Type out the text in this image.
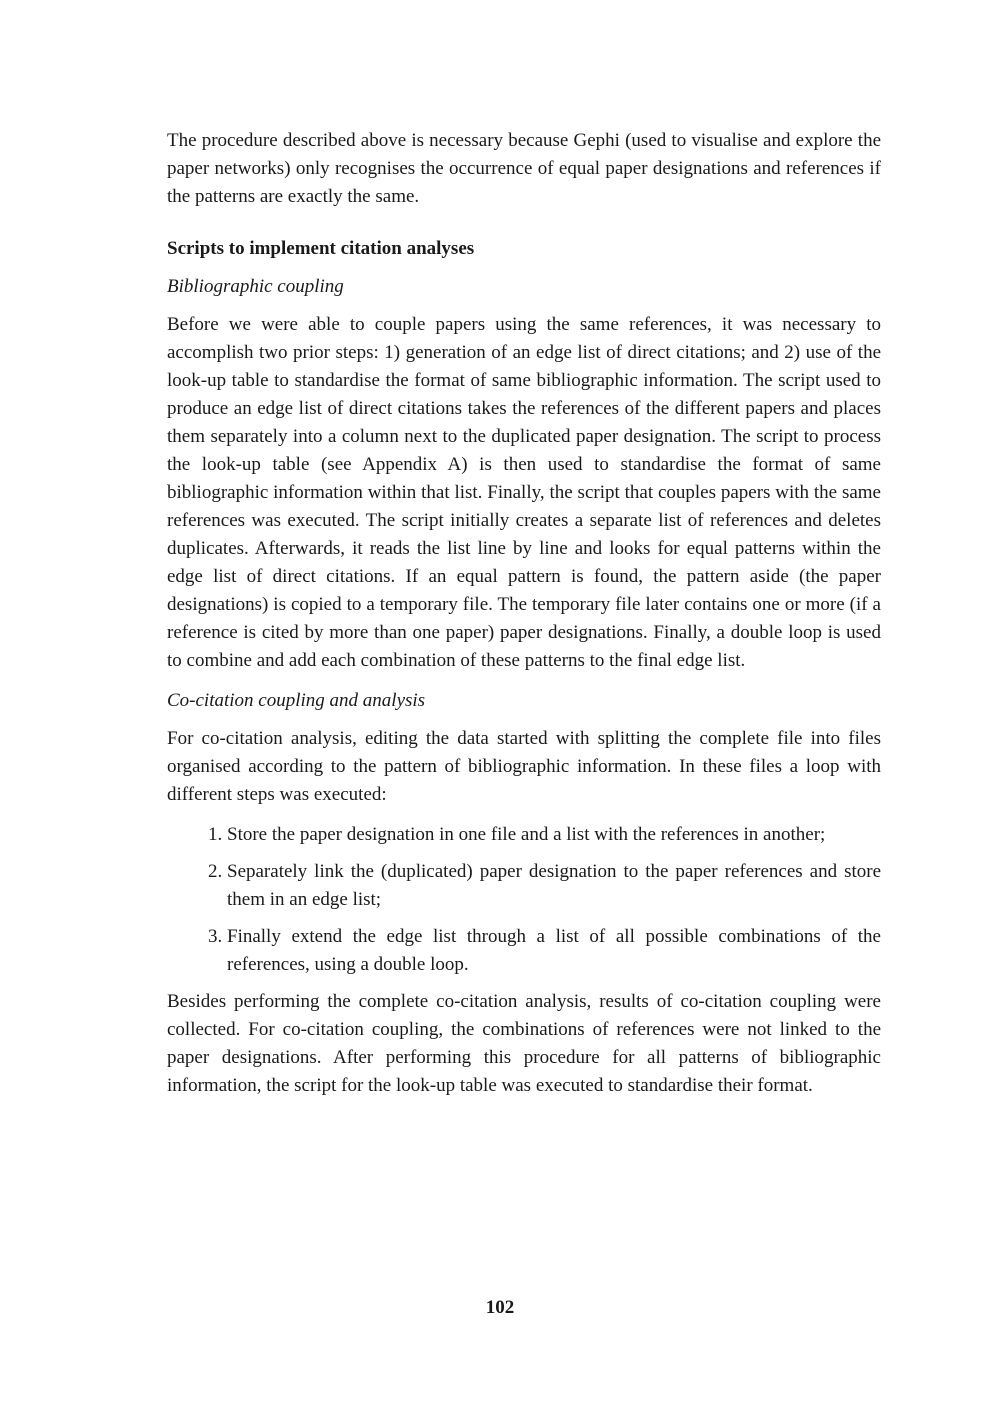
The procedure described above is necessary because Gephi (used to visualise and explore the paper networks) only recognises the occurrence of equal paper designations and references if the patterns are exactly the same.

Scripts to implement citation analyses

Bibliographic coupling

Before we were able to couple papers using the same references, it was necessary to accomplish two prior steps: 1) generation of an edge list of direct citations; and 2) use of the look-up table to standardise the format of same bibliographic information. The script used to produce an edge list of direct citations takes the references of the different papers and places them separately into a column next to the duplicated paper designation. The script to process the look-up table (see Appendix A) is then used to standardise the format of same bibliographic information within that list. Finally, the script that couples papers with the same references was executed. The script initially creates a separate list of references and deletes duplicates. Afterwards, it reads the list line by line and looks for equal patterns within the edge list of direct citations. If an equal pattern is found, the pattern aside (the paper designations) is copied to a temporary file. The temporary file later contains one or more (if a reference is cited by more than one paper) paper designations. Finally, a double loop is used to combine and add each combination of these patterns to the final edge list.

Co-citation coupling and analysis

For co-citation analysis, editing the data started with splitting the complete file into files organised according to the pattern of bibliographic information. In these files a loop with different steps was executed:

1. Store the paper designation in one file and a list with the references in another;
2. Separately link the (duplicated) paper designation to the paper references and store them in an edge list;
3. Finally extend the edge list through a list of all possible combinations of the references, using a double loop.

Besides performing the complete co-citation analysis, results of co-citation coupling were collected. For co-citation coupling, the combinations of references were not linked to the paper designations. After performing this procedure for all patterns of bibliographic information, the script for the look-up table was executed to standardise their format.

102
